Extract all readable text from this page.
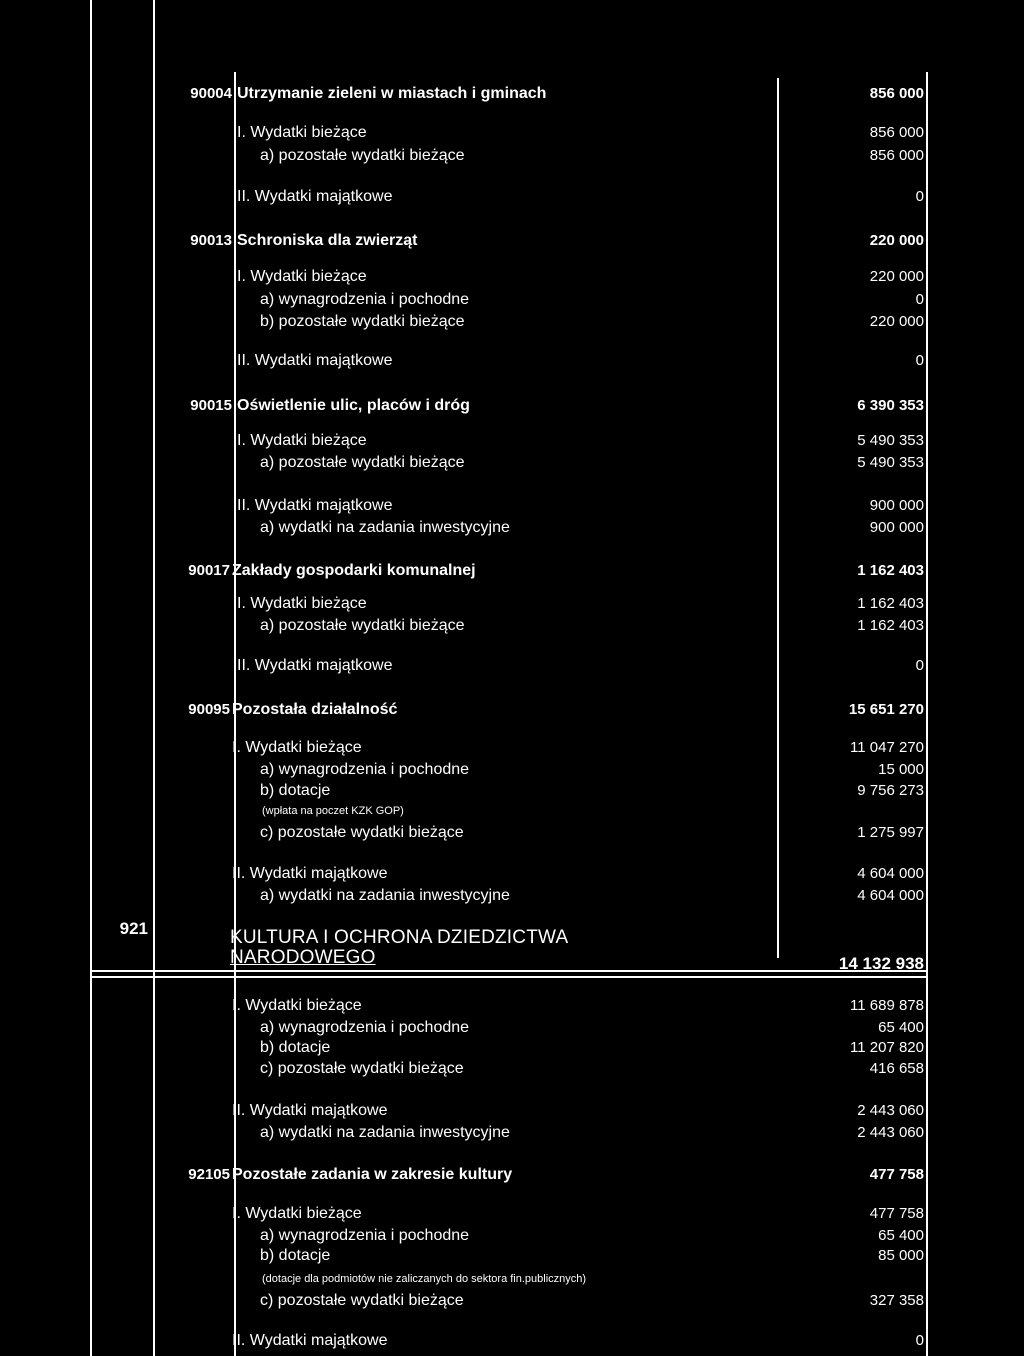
90004 Utrzymanie zieleni w miastach i gminach	856 000
I. Wydatki bieżące	856 000
a) pozostałe wydatki bieżące	856 000
II. Wydatki majątkowe	0
90013 Schroniska dla zwierząt	220 000
I. Wydatki bieżące	220 000
a) wynagrodzenia i pochodne	0
b) pozostałe wydatki bieżące	220 000
II. Wydatki majątkowe	0
90015 Oświetlenie ulic, placów i dróg	6 390 353
I. Wydatki bieżące	5 490 353
a) pozostałe wydatki bieżące	5 490 353
II. Wydatki majątkowe	900 000
a) wydatki na zadania inwestycyjne	900 000
90017 Zakłady gospodarki komunalnej	1 162 403
I. Wydatki bieżące	1 162 403
a) pozostałe wydatki bieżące	1 162 403
II. Wydatki majątkowe	0
90095 Pozostała działalność	15 651 270
I. Wydatki bieżące	11 047 270
a) wynagrodzenia i pochodne	15 000
b) dotacje	9 756 273
(wpłata na poczet KZK GOP)
c) pozostałe wydatki bieżące	1 275 997
II. Wydatki majątkowe	4 604 000
a) wydatki na zadania inwestycyjne	4 604 000
921	KULTURA I OCHRONA DZIEDZICTWA
NARODOWEGO	14 132 938
I. Wydatki bieżące	11 689 878
a) wynagrodzenia i pochodne	65 400
b) dotacje	11 207 820
c) pozostałe wydatki bieżące	416 658
II. Wydatki majątkowe	2 443 060
a) wydatki na zadania inwestycyjne	2 443 060
92105 Pozostałe zadania w zakresie kultury	477 758
I. Wydatki bieżące	477 758
a) wynagrodzenia i pochodne	65 400
b) dotacje	85 000
(dotacje dla podmiotów nie zaliczanych do sektora fin.publicznych)
c) pozostałe wydatki bieżące	327 358
II. Wydatki majątkowe	0
